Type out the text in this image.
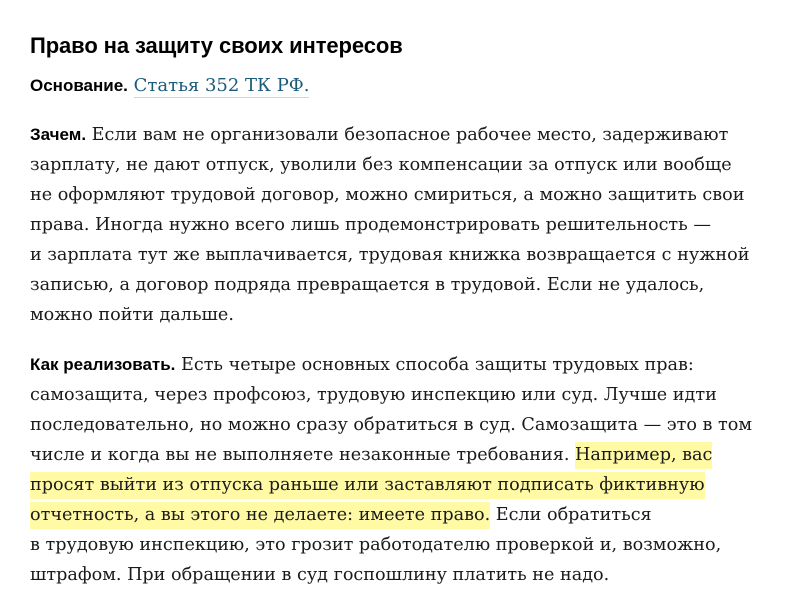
Право на защиту своих интересов

Основание. Статья 352 ТК РФ.

Зачем. Если вам не организовали безопасное рабочее место, задерживают
зарплату, не дают отпуск, уволили без компенсации за отпуск или вообще
не оформляют трудовой договор, можно смириться, а можно защитить свои
права. Иногда нужно всего лишь продемонстрировать решительность —
и зарплата тут же выплачивается, трудовая книжка возвращается с нужной
записью, а договор подряда превращается в трудовой. Если не удалось,
можно пойти дальше.

Как реализовать. Есть четыре основных способа защиты трудовых прав:
самозащита, через профсоюз, трудовую инспекцию или суд. Лучше идти
последовательно, но можно сразу обратиться в суд. Самозащита — это в том
числе и когда вы не выполняете незаконные требования. Например, вас
просят выйти из отпуска раньше или заставляют подписать фиктивную
отчетность, а вы этого не делаете: имеете право. Если обратиться
в трудовую инспекцию, это грозит работодателю проверкой и, возможно,
штрафом. При обращении в суд госпошлину платить не надо.
